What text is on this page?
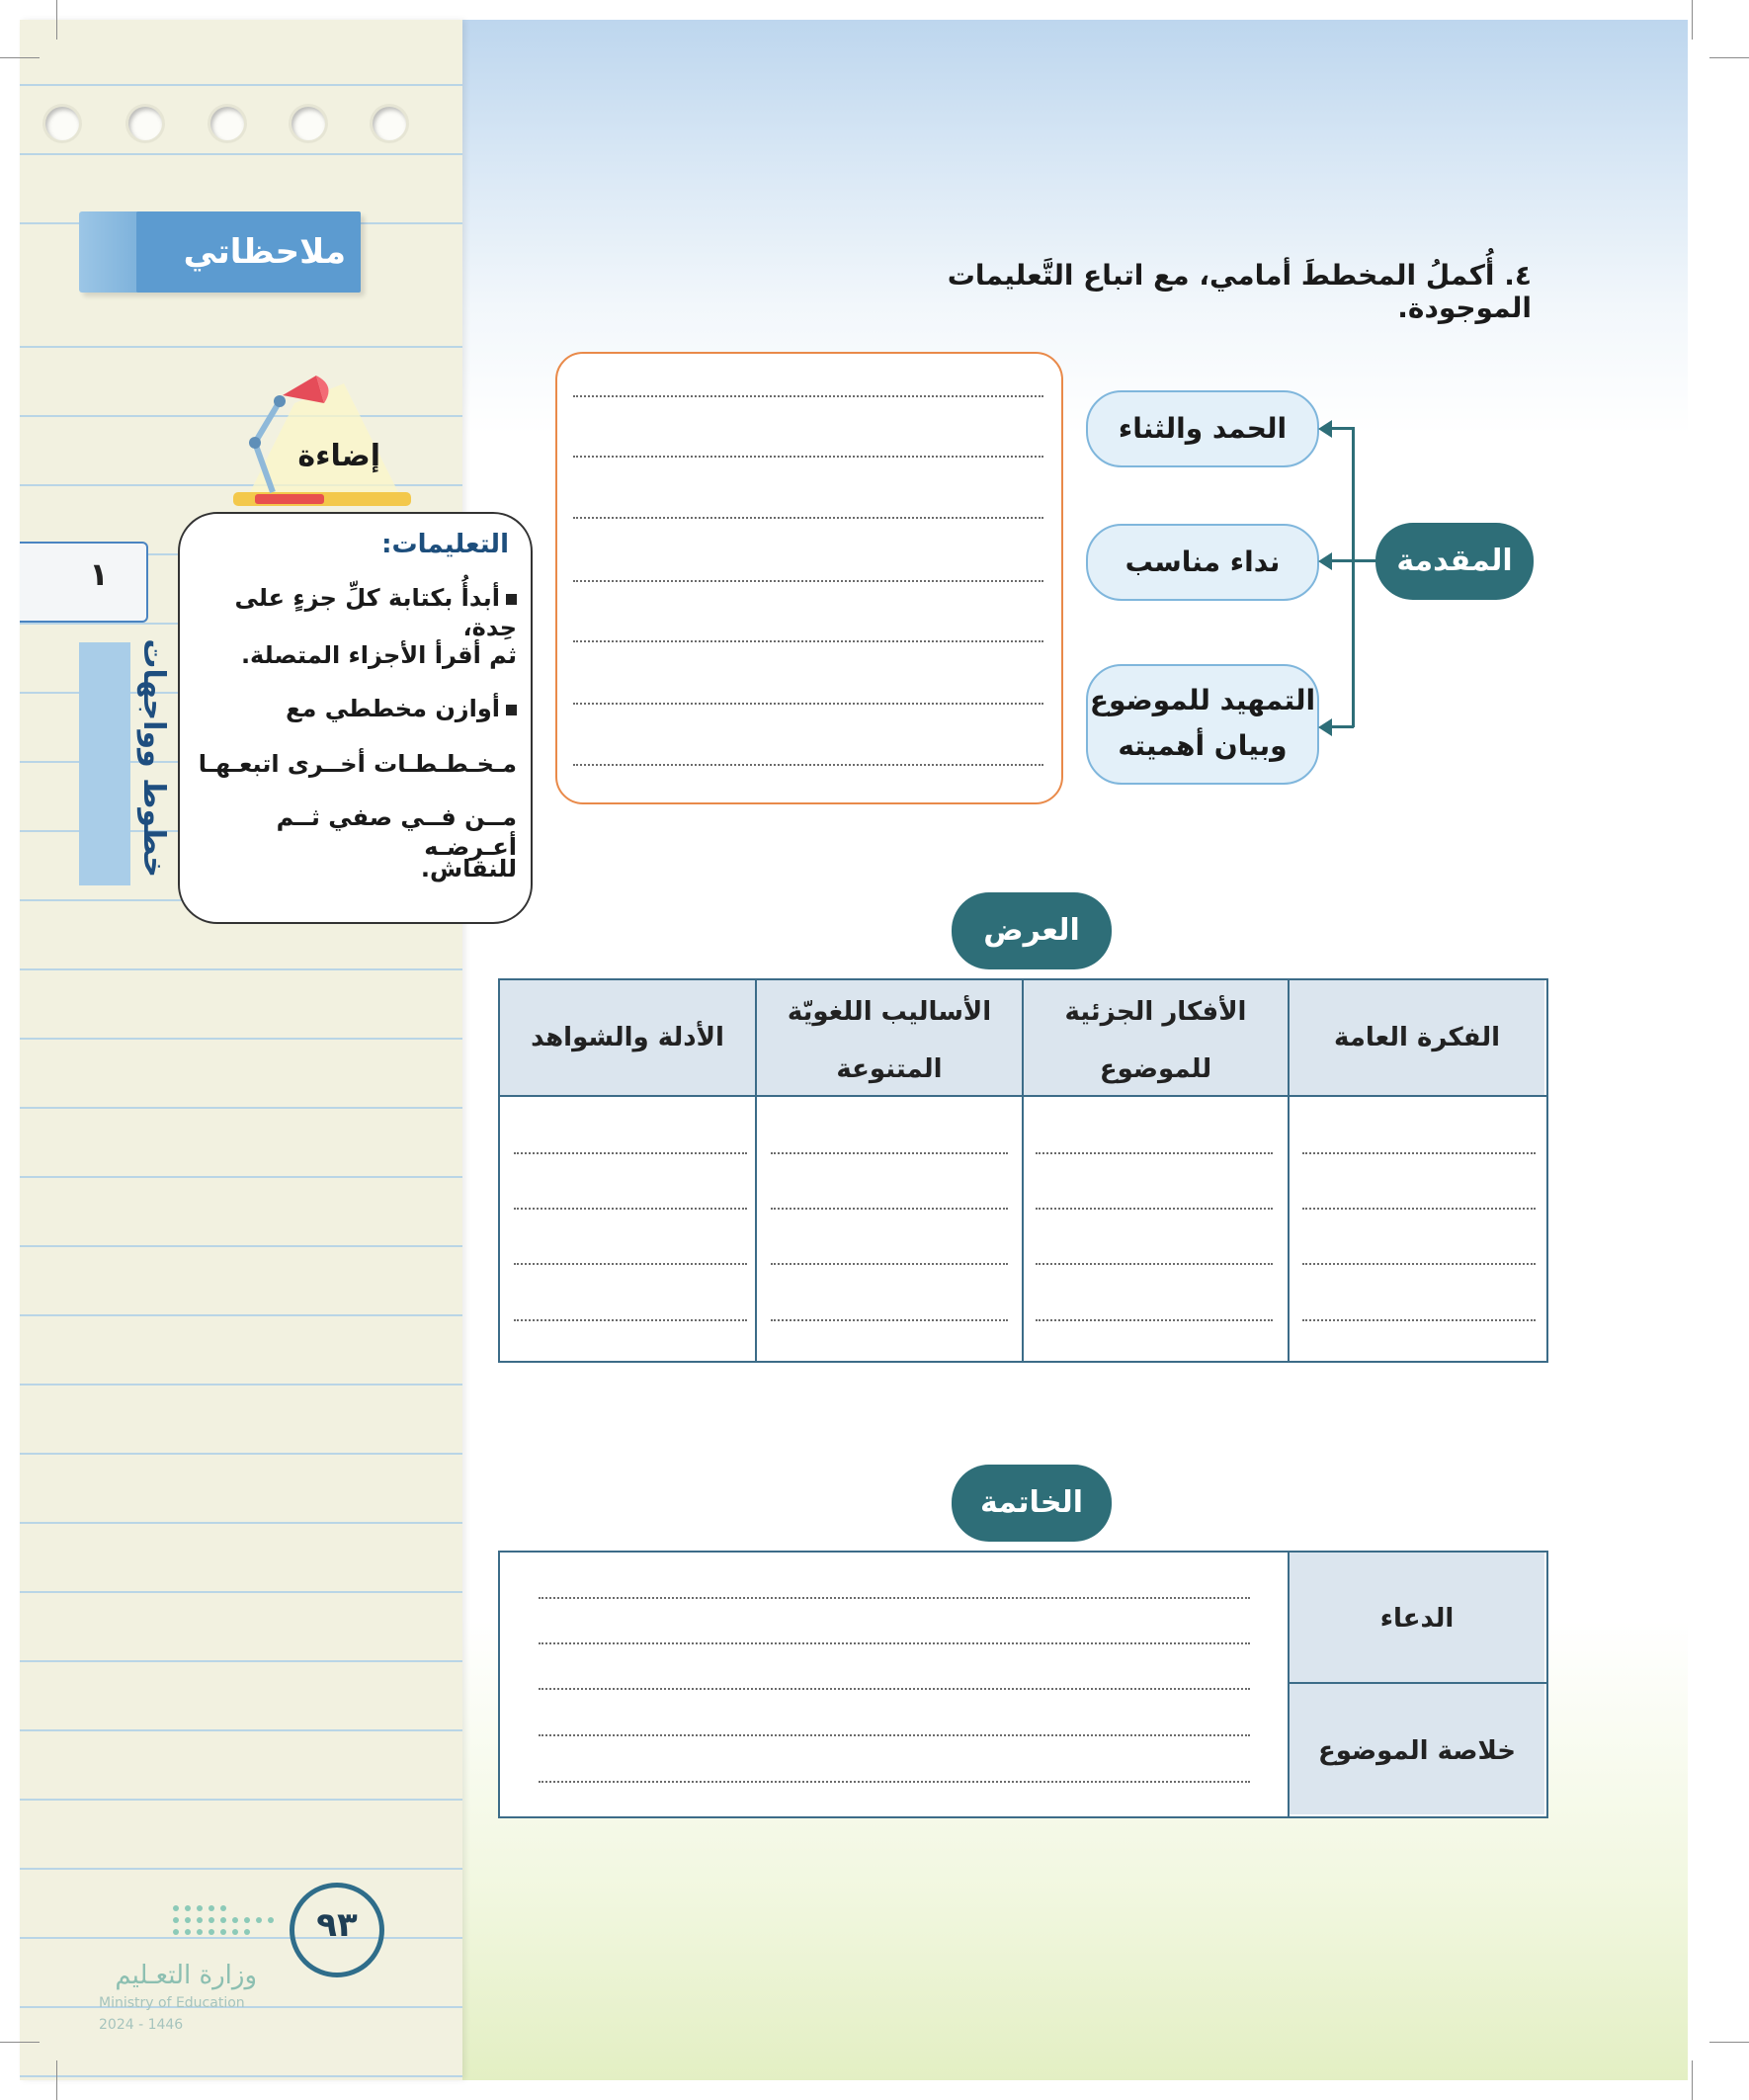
ملاحظاتي
إضاءة
التعليمات:
أبدأُ بكتابة كلِّ جزءٍ على حِدة،
ثم أقرأ الأجزاء المتصلة.
أوازن مخططي مع
مـخـطـطـات أخــرى اتبعـهـا
مــن فــي صفي ثــم أعـرضـه
للنقاش.
١
خطوط وواجهات
٤. أُكملُ المخططَ أمامي، مع اتباع التَّعليمات الموجودة.
الحمد والثناء
نداء مناسب
التمهيد للموضوع
وبيان أهميته
المقدمة
العرض
الفكرة العامة
الأفكار الجزئية
للموضوع
الأساليب اللغويّة
المتنوعة
الأدلة والشواهد
الخاتمة
الدعاء
خلاصة الموضوع
٩٣
وزارة التعـليم
Ministry of Education
2024 - 1446
